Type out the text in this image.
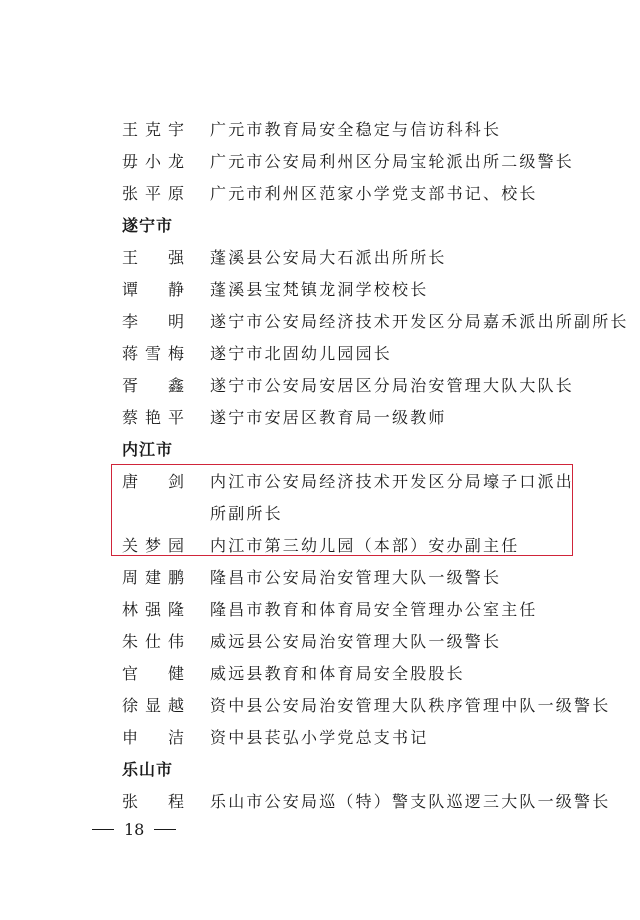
王克宇 广元市教育局安全稳定与信访科科长
毋小龙 广元市公安局利州区分局宝轮派出所二级警长
张平原 广元市利州区范家小学党支部书记、校长
遂宁市
王强 蓬溪县公安局大石派出所所长
谭静 蓬溪县宝梵镇龙洞学校校长
李明 遂宁市公安局经济技术开发区分局嘉禾派出所副所长
蒋雪梅 遂宁市北固幼儿园园长
胥鑫 遂宁市公安局安居区分局治安管理大队大队长
蔡艳平 遂宁市安居区教育局一级教师
内江市
唐剑 内江市公安局经济技术开发区分局壕子口派出所副所长
关梦园 内江市第三幼儿园（本部）安办副主任
周建鹏 隆昌市公安局治安管理大队一级警长
林强隆 隆昌市教育和体育局安全管理办公室主任
朱仕伟 威远县公安局治安管理大队一级警长
官健 威远县教育和体育局安全股股长
徐显越 资中县公安局治安管理大队秩序管理中队一级警长
申洁 资中县苌弘小学党总支书记
乐山市
张程 乐山市公安局巡（特）警支队巡逻三大队一级警长
18
